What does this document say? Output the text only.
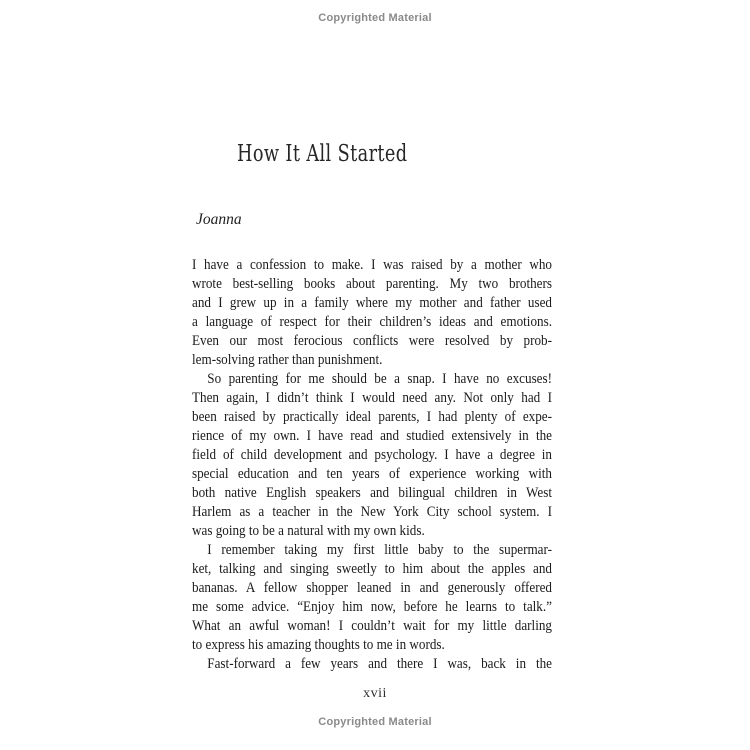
Copyrighted Material
How It All Started
Joanna
I have a confession to make. I was raised by a mother who
wrote best-selling books about parenting. My two brothers
and I grew up in a family where my mother and father used
a language of respect for their children’s ideas and emotions.
Even our most ferocious conflicts were resolved by prob-
lem-solving rather than punishment.
So parenting for me should be a snap. I have no excuses!
Then again, I didn’t think I would need any. Not only had I
been raised by practically ideal parents, I had plenty of expe-
rience of my own. I have read and studied extensively in the
field of child development and psychology. I have a degree in
special education and ten years of experience working with
both native English speakers and bilingual children in West
Harlem as a teacher in the New York City school system. I
was going to be a natural with my own kids.
I remember taking my first little baby to the supermar-
ket, talking and singing sweetly to him about the apples and
bananas. A fellow shopper leaned in and generously offered
me some advice. “Enjoy him now, before he learns to talk.”
What an awful woman! I couldn’t wait for my little darling
to express his amazing thoughts to me in words.
Fast-forward a few years and there I was, back in the
xvii
Copyrighted Material
